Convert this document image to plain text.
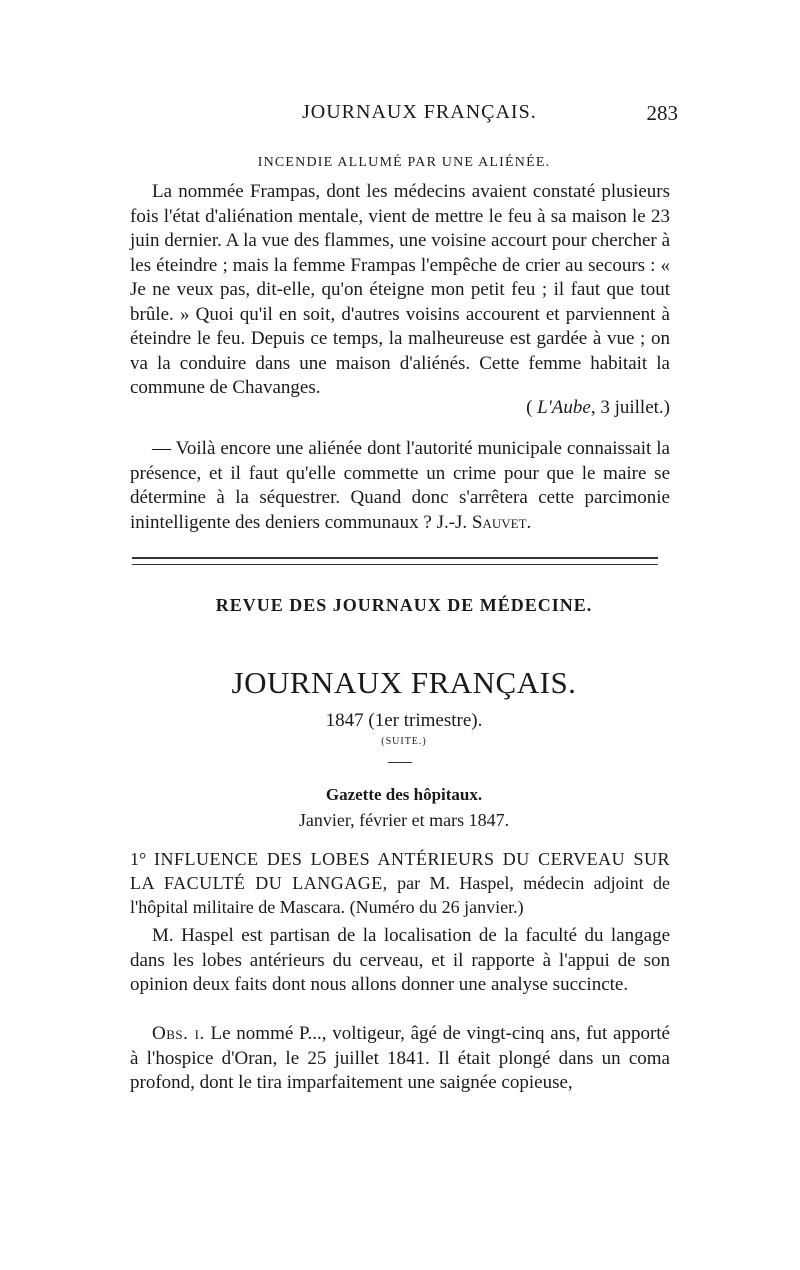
JOURNAUX FRANÇAIS.	283
INCENDIE ALLUMÉ PAR UNE ALIÉNÉE.

La nommée Frampas, dont les médecins avaient constaté plusieurs fois l'état d'aliénation mentale, vient de mettre le feu à sa maison le 23 juin dernier. A la vue des flammes, une voisine accourt pour chercher à les éteindre ; mais la femme Frampas l'empêche de crier au secours : « Je ne veux pas, dit-elle, qu'on éteigne mon petit feu ; il faut que tout brûle. » Quoi qu'il en soit, d'autres voisins accourent et parviennent à éteindre le feu. Depuis ce temps, la malheureuse est gardée à vue ; on va la conduire dans une maison d'aliénés. Cette femme habitait la commune de Chavanges.

( L'Aube, 3 juillet.)

— Voilà encore une aliénée dont l'autorité municipale connaissait la présence, et il faut qu'elle commette un crime pour que le maire se détermine à la séquestrer. Quand donc s'arrêtera cette parcimonie inintelligente des deniers communaux ? J.-J. Sauvet.

REVUE DES JOURNAUX DE MÉDECINE.
JOURNAUX FRANÇAIS.
1847 (1er trimestre).
(SUITE.)
Gazette des hôpitaux.
Janvier, février et mars 1847.

1° INFLUENCE DES LOBES ANTÉRIEURS DU CERVEAU SUR LA FACULTÉ DU LANGAGE, par M. Haspel, médecin adjoint de l'hôpital militaire de Mascara. (Numéro du 26 janvier.)

M. Haspel est partisan de la localisation de la faculté du langage dans les lobes antérieurs du cerveau, et il rapporte à l'appui de son opinion deux faits dont nous allons donner une analyse succincte.

Obs. i. Le nommé P..., voltigeur, âgé de vingt-cinq ans, fut apporté à l'hospice d'Oran, le 25 juillet 1841. Il était plongé dans un coma profond, dont le tira imparfaitement une saignée copieuse,
